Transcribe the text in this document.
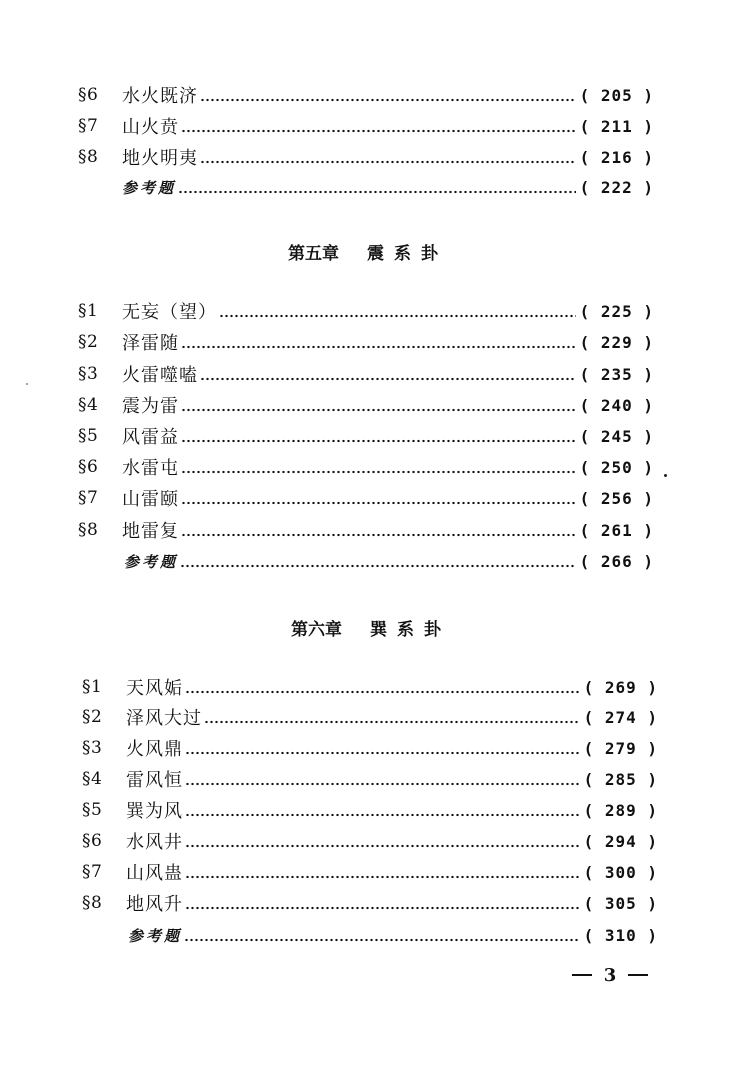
§6	水火既济	( 205 )
§7	山火贲	( 211 )
§8	地火明夷	( 216 )
参考题	( 222 )
第五章 震系卦
§1	无妄（望）	( 225 )
§2	泽雷随	( 229 )
§3	火雷噬嗑	( 235 )
§4	震为雷	( 240 )
§5	风雷益	( 245 )
§6	水雷屯	( 250 )
§7	山雷颐	( 256 )
§8	地雷复	( 261 )
参考题	( 266 )
第六章 巽系卦
§1	天风姤	( 269 )
§2	泽风大过	( 274 )
§3	火风鼎	( 279 )
§4	雷风恒	( 285 )
§5	巽为风	( 289 )
§6	水风井	( 294 )
§7	山风蛊	( 300 )
§8	地风升	( 305 )
参考题	( 310 )
3
